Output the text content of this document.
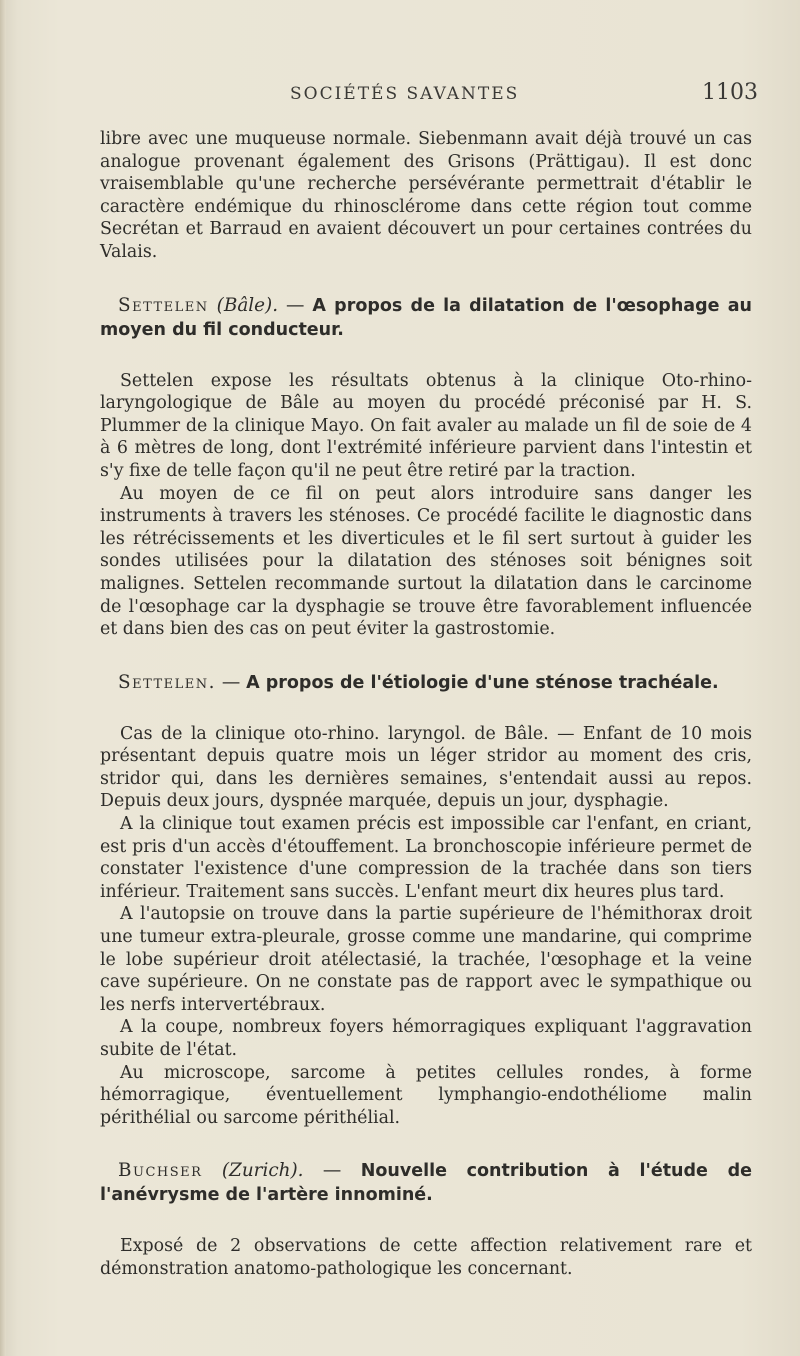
SOCIÉTÉS SAVANTES	1103

libre avec une muqueuse normale. Siebenmann avait déjà trouvé un cas analogue provenant également des Grisons (Prättigau). Il est donc vraisemblable qu'une recherche persévérante permettrait d'établir le caractère endémique du rhinosclérome dans cette région tout comme Secrétan et Barraud en avaient découvert un pour certaines contrées du Valais.

Settelen (Bâle). — A propos de la dilatation de l'œsophage au moyen du fil conducteur.

Settelen expose les résultats obtenus à la clinique Oto-rhino-laryngologique de Bâle au moyen du procédé préconisé par H. S. Plummer de la clinique Mayo. On fait avaler au malade un fil de soie de 4 à 6 mètres de long, dont l'extrémité inférieure parvient dans l'intestin et s'y fixe de telle façon qu'il ne peut être retiré par la traction.

Au moyen de ce fil on peut alors introduire sans danger les instruments à travers les sténoses. Ce procédé facilite le diagnostic dans les rétrécissements et les diverticules et le fil sert surtout à guider les sondes utilisées pour la dilatation des sténoses soit bénignes soit malignes. Settelen recommande surtout la dilatation dans le carcinome de l'œsophage car la dysphagie se trouve être favorablement influencée et dans bien des cas on peut éviter la gastrostomie.

Settelen. — A propos de l'étiologie d'une sténose trachéale.

Cas de la clinique oto-rhino. laryngol. de Bâle. — Enfant de 10 mois présentant depuis quatre mois un léger stridor au moment des cris, stridor qui, dans les dernières semaines, s'entendait aussi au repos. Depuis deux jours, dyspnée marquée, depuis un jour, dysphagie.

A la clinique tout examen précis est impossible car l'enfant, en criant, est pris d'un accès d'étouffement. La bronchoscopie inférieure permet de constater l'existence d'une compression de la trachée dans son tiers inférieur. Traitement sans succès. L'enfant meurt dix heures plus tard.

A l'autopsie on trouve dans la partie supérieure de l'hémithorax droit une tumeur extra-pleurale, grosse comme une mandarine, qui comprime le lobe supérieur droit atélectasié, la trachée, l'œsophage et la veine cave supérieure. On ne constate pas de rapport avec le sympathique ou les nerfs intervertébraux.

A la coupe, nombreux foyers hémorragiques expliquant l'aggravation subite de l'état.

Au microscope, sarcome à petites cellules rondes, à forme hémorragique, éventuellement lymphangio-endothéliome malin périthélial ou sarcome périthélial.

Buchser (Zurich). — Nouvelle contribution à l'étude de l'anévrysme de l'artère innominé.

Exposé de 2 observations de cette affection relativement rare et démonstration anatomo-pathologique les concernant.
